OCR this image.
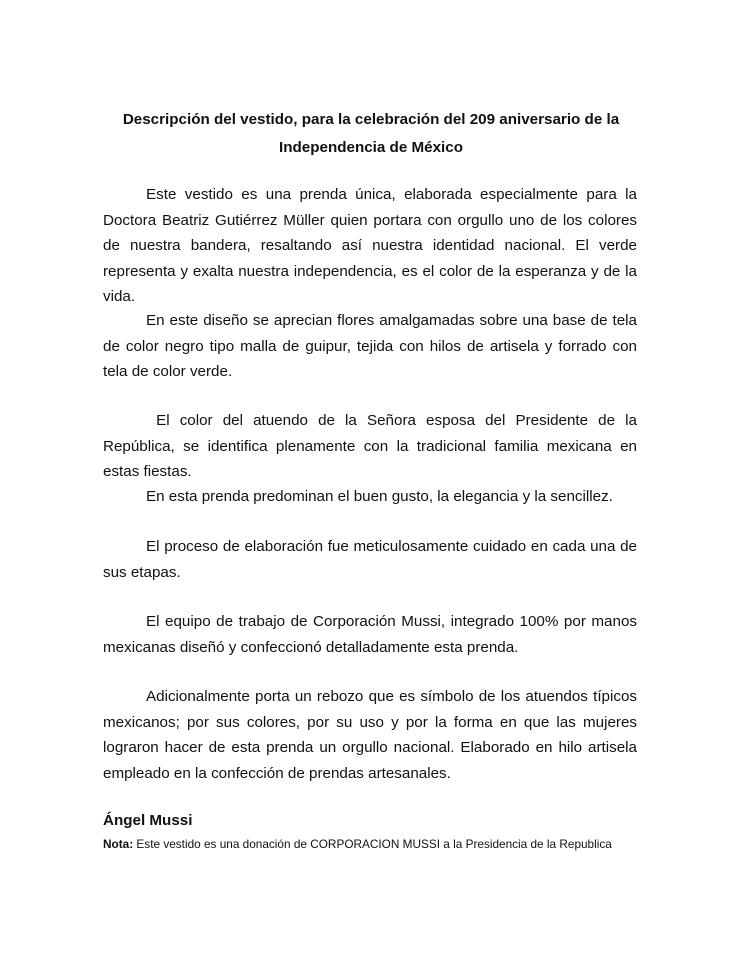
Descripción del vestido, para la celebración del 209 aniversario de la
Independencia de México

Este vestido es una prenda única, elaborada especialmente para la Doctora Beatriz Gutiérrez Müller quien portara con orgullo uno de los colores de nuestra bandera, resaltando así nuestra identidad nacional. El verde representa y exalta nuestra independencia, es el color de la esperanza y de la vida.

En este diseño se aprecian flores amalgamadas sobre una base de tela de color negro tipo malla de guipur, tejida con hilos de artisela y forrado con tela de color verde.

El color del atuendo de la Señora esposa del Presidente de la República, se identifica plenamente con la tradicional familia mexicana en estas fiestas.

En esta prenda predominan el buen gusto, la elegancia y la sencillez.

El proceso de elaboración fue meticulosamente cuidado en cada una de sus etapas.

El equipo de trabajo de Corporación Mussi, integrado 100% por manos mexicanas diseñó y confeccionó detalladamente esta prenda.

Adicionalmente porta un rebozo que es símbolo de los atuendos típicos mexicanos; por sus colores, por su uso y por la forma en que las mujeres lograron hacer de esta prenda un orgullo nacional. Elaborado en hilo artisela empleado en la confección de prendas artesanales.

Ángel Mussi
Nota: Este vestido es una donación de CORPORACION MUSSI a la Presidencia de la Republica
